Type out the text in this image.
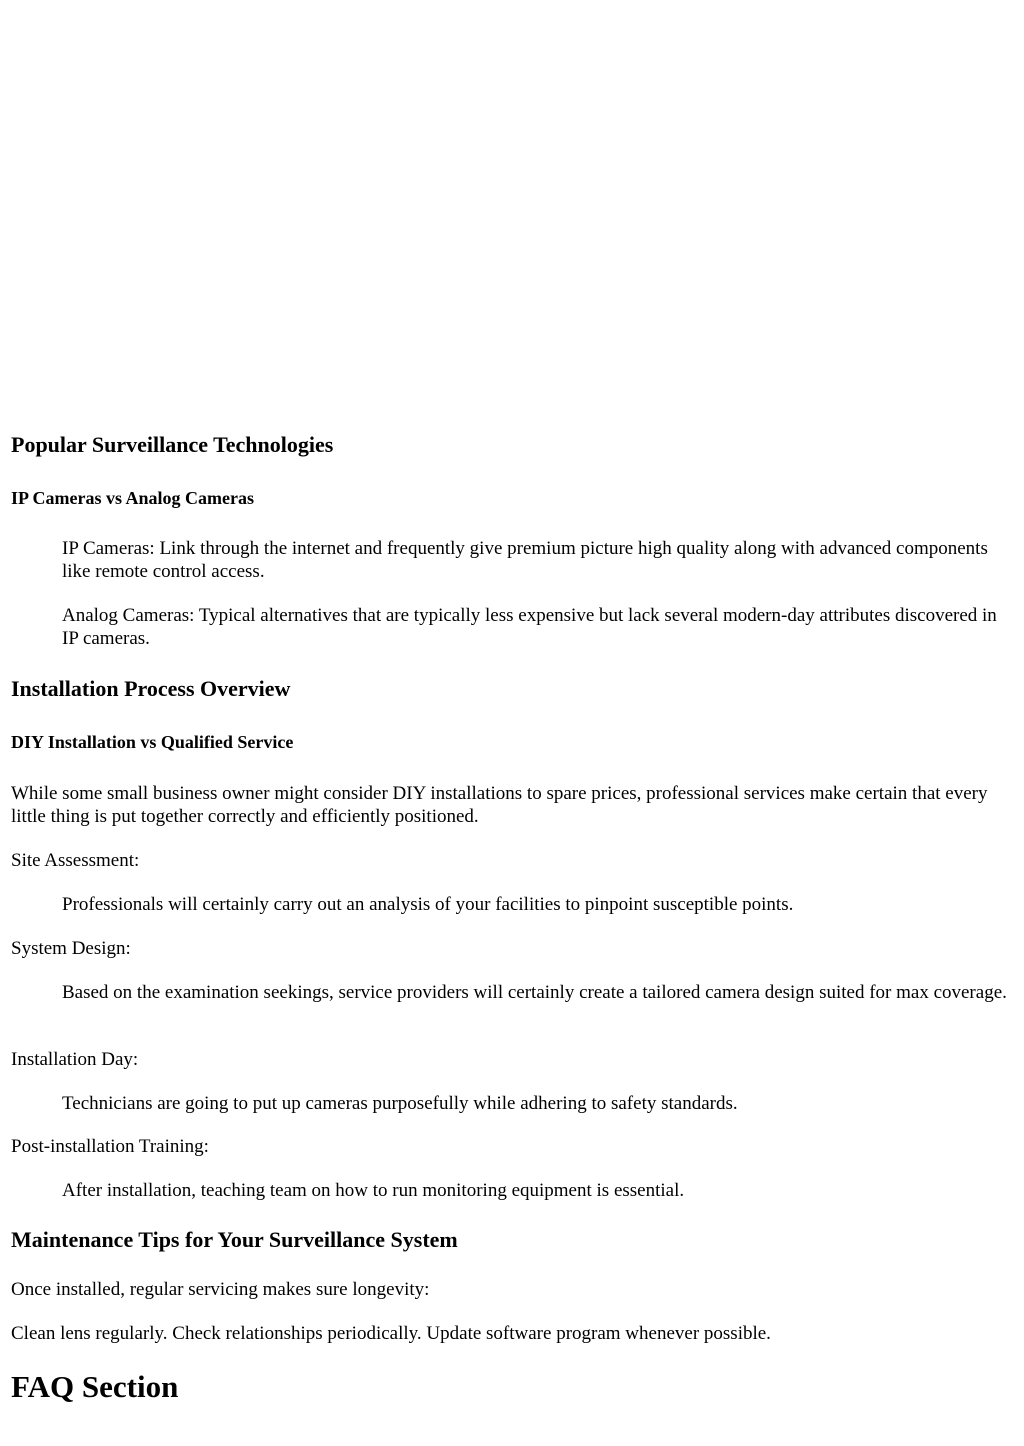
Popular Surveillance Technologies
IP Cameras vs Analog Cameras

IP Cameras: Link through the internet and frequently give premium picture high quality along with advanced components like remote control access.

Analog Cameras: Typical alternatives that are typically less expensive but lack several modern-day attributes discovered in IP cameras.

Installation Process Overview
DIY Installation vs Qualified Service

While some small business owner might consider DIY installations to spare prices, professional services make certain that every little thing is put together correctly and efficiently positioned.

Site Assessment:

Professionals will certainly carry out an analysis of your facilities to pinpoint susceptible points.

System Design:

Based on the examination seekings, service providers will certainly create a tailored camera design suited for max coverage.

Installation Day:

Technicians are going to put up cameras purposefully while adhering to safety standards.

Post-installation Training:

After installation, teaching team on how to run monitoring equipment is essential.

Maintenance Tips for Your Surveillance System

Once installed, regular servicing makes sure longevity:

Clean lens regularly. Check relationships periodically. Update software program whenever possible.

FAQ Section
